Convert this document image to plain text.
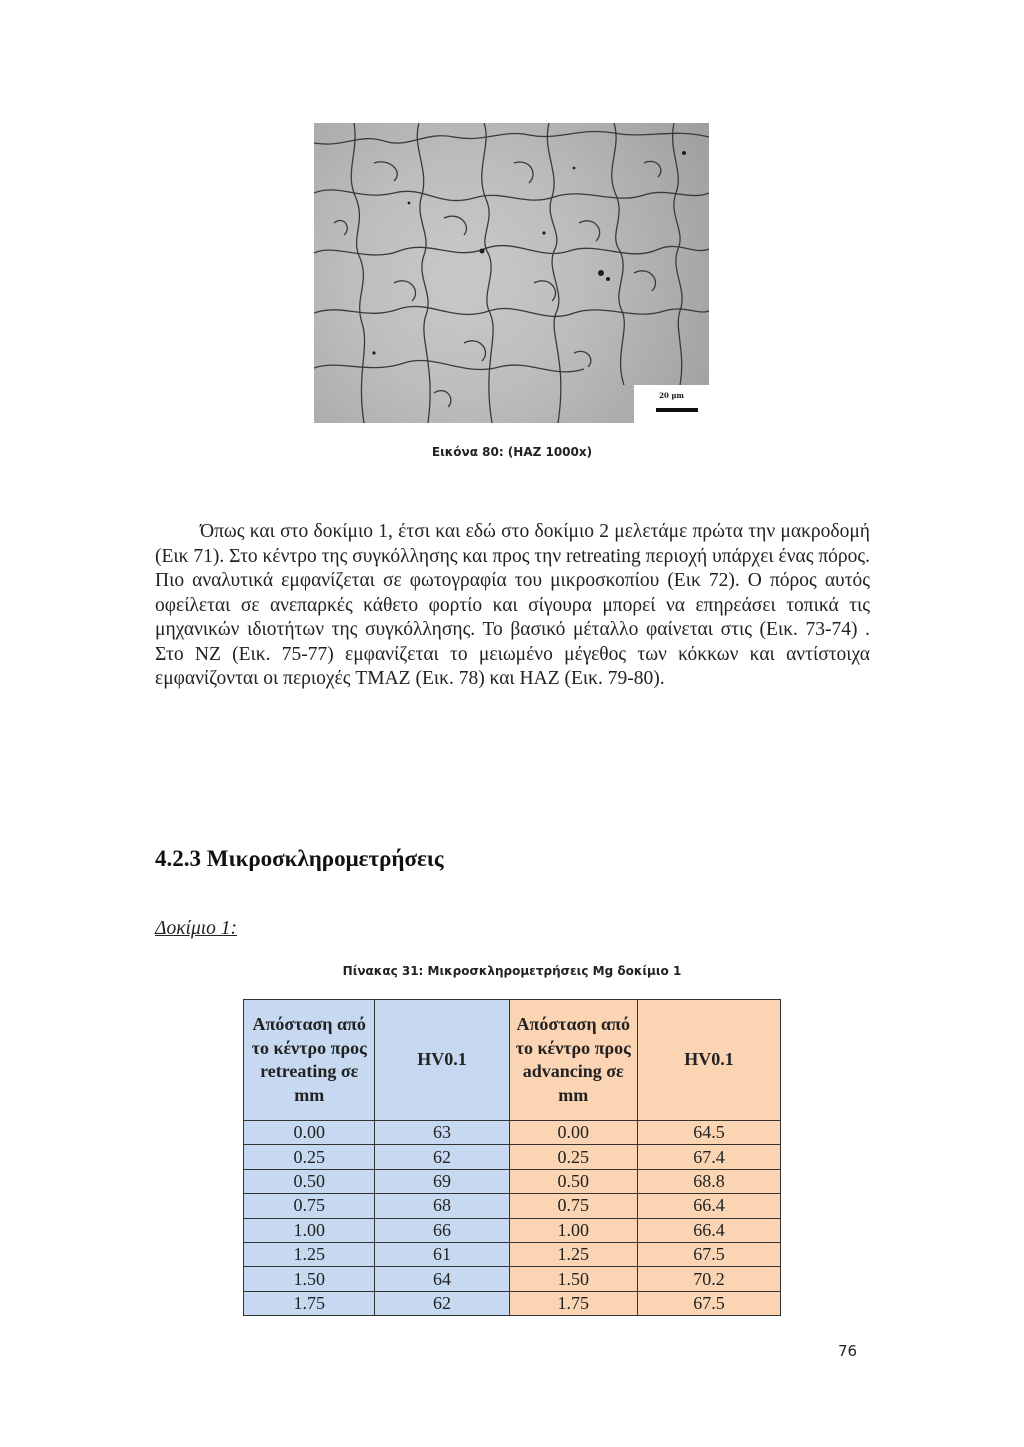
20 µm
Εικόνα 80: (HAZ 1000x)

Όπως και στο δοκίμιο 1, έτσι και εδώ στο δοκίμιο 2 μελετάμε πρώτα την μακροδομή (Εικ 71). Στο κέντρο της συγκόλλησης και προς την retreating περιοχή υπάρχει ένας πόρος. Πιο αναλυτικά εμφανίζεται σε φωτογραφία του μικροσκοπίου (Εικ 72). Ο πόρος αυτός οφείλεται σε ανεπαρκές κάθετο φορτίο και σίγουρα μπορεί να επηρεάσει τοπικά τις μηχανικών ιδιοτήτων της συγκόλλησης. Το βασικό μέταλλο φαίνεται στις (Εικ. 73-74) . Στο NZ (Εικ. 75-77) εμφανίζεται το μειωμένο μέγεθος των κόκκων και αντίστοιχα εμφανίζονται οι περιοχές TMAZ (Εικ. 78) και HAZ (Εικ. 79-80).

4.2.3 Μικροσκληρομετρήσεις
Δοκίμιο 1:
Πίνακας 31: Μικροσκληρομετρήσεις Mg δοκίμιο 1
Απόσταση από το κέντρο προς retreating σε mm	HV0.1	Απόσταση από το κέντρο προς advancing σε mm	HV0.1
0.00	63	0.00	64.5
0.25	62	0.25	67.4
0.50	69	0.50	68.8
0.75	68	0.75	66.4
1.00	66	1.00	66.4
1.25	61	1.25	67.5
1.50	64	1.50	70.2
1.75	62	1.75	67.5
76
